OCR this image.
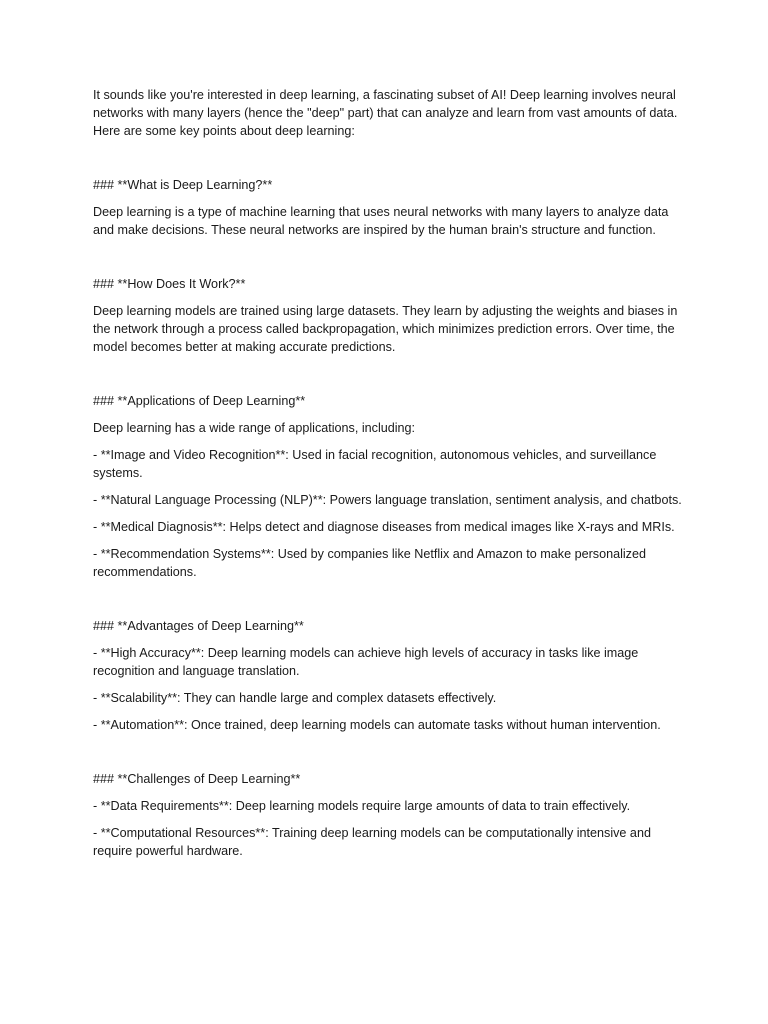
It sounds like you're interested in deep learning, a fascinating subset of AI! Deep learning involves neural networks with many layers (hence the "deep" part) that can analyze and learn from vast amounts of data. Here are some key points about deep learning:

### **What is Deep Learning?**

Deep learning is a type of machine learning that uses neural networks with many layers to analyze data and make decisions. These neural networks are inspired by the human brain's structure and function.

### **How Does It Work?**

Deep learning models are trained using large datasets. They learn by adjusting the weights and biases in the network through a process called backpropagation, which minimizes prediction errors. Over time, the model becomes better at making accurate predictions.

### **Applications of Deep Learning**

Deep learning has a wide range of applications, including:

- **Image and Video Recognition**: Used in facial recognition, autonomous vehicles, and surveillance systems.

- **Natural Language Processing (NLP)**: Powers language translation, sentiment analysis, and chatbots.

- **Medical Diagnosis**: Helps detect and diagnose diseases from medical images like X-rays and MRIs.

- **Recommendation Systems**: Used by companies like Netflix and Amazon to make personalized recommendations.

### **Advantages of Deep Learning**

- **High Accuracy**: Deep learning models can achieve high levels of accuracy in tasks like image recognition and language translation.

- **Scalability**: They can handle large and complex datasets effectively.

- **Automation**: Once trained, deep learning models can automate tasks without human intervention.

### **Challenges of Deep Learning**

- **Data Requirements**: Deep learning models require large amounts of data to train effectively.

- **Computational Resources**: Training deep learning models can be computationally intensive and require powerful hardware.
